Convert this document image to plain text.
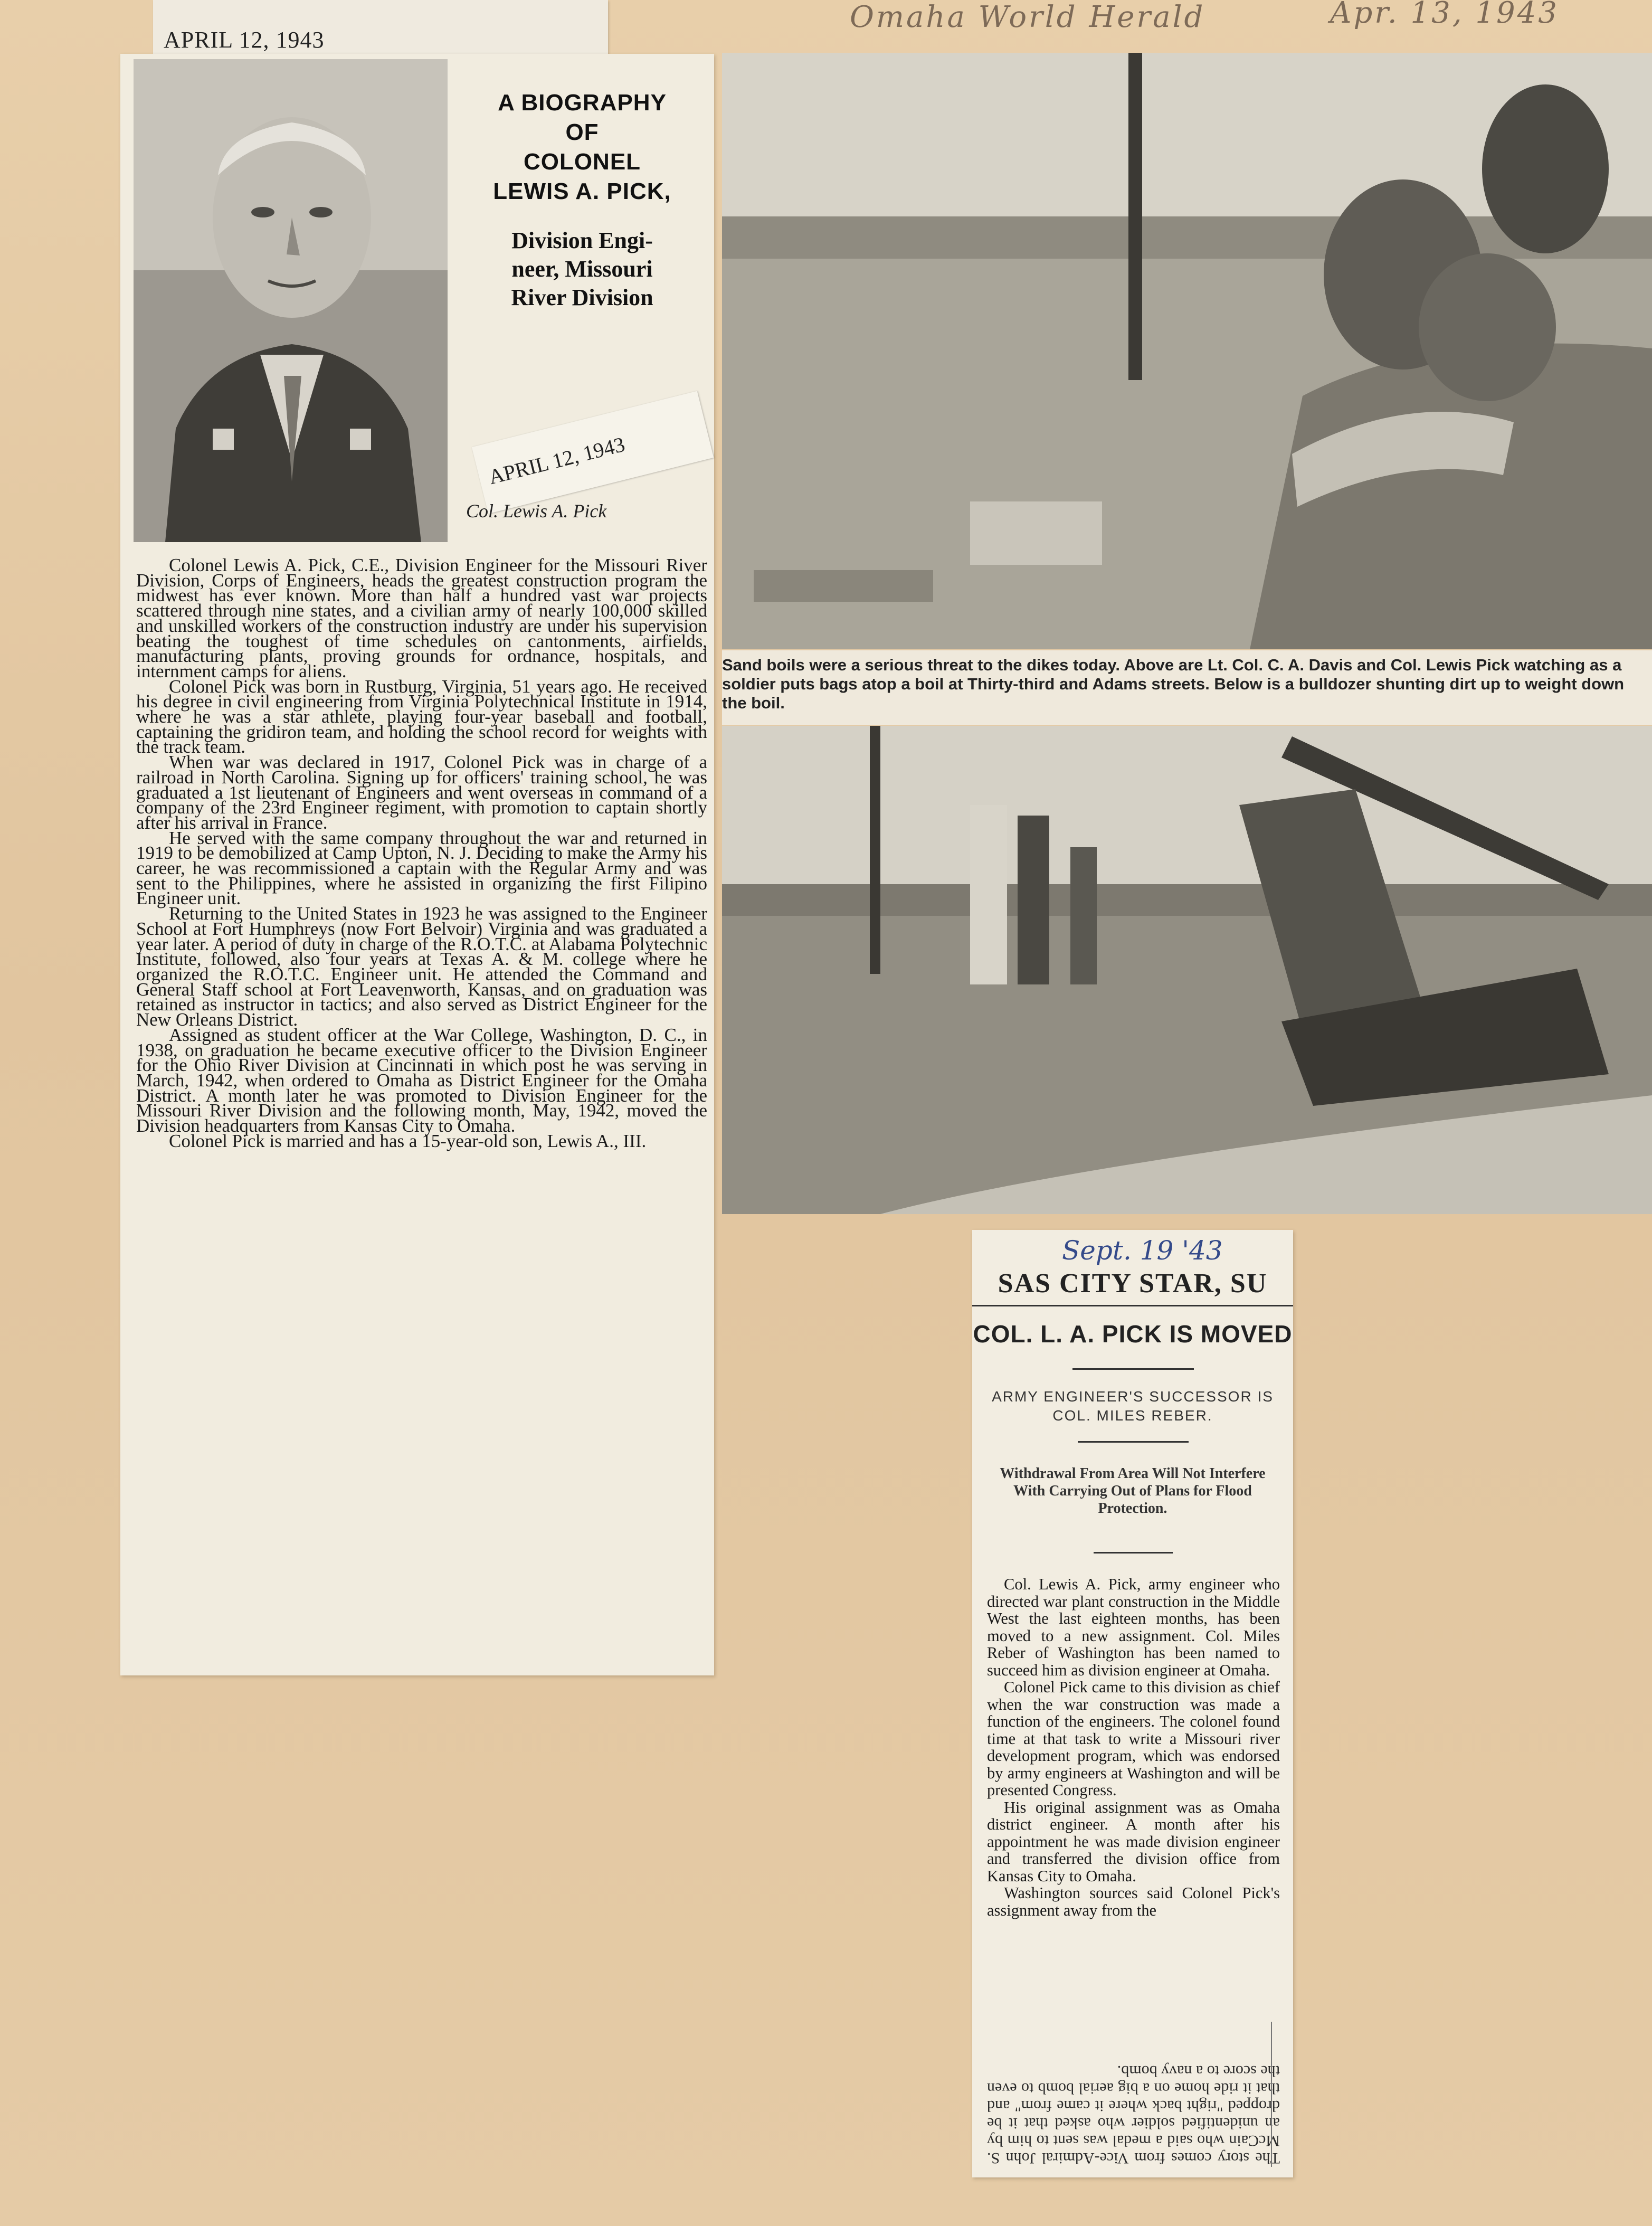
Omaha World Herald	Apr. 13, 1943
APRIL 12, 1943
A BIOGRAPHY
OF
COLONEL
LEWIS A. PICK,
Division Engi-
neer, Missouri
River Division
APRIL 12, 1943
Col. Lewis A. Pick

Colonel Lewis A. Pick, C.E., Division Engineer for the Missouri River Division, Corps of Engineers, heads the greatest construction program the midwest has ever known. More than half a hundred vast war projects scattered through nine states, and a civilian army of nearly 100,000 skilled and unskilled workers of the construction industry are under his supervision beating the toughest of time schedules on cantonments, airfields, manufacturing plants, proving grounds for ordnance, hospitals, and internment camps for aliens.

Colonel Pick was born in Rustburg, Virginia, 51 years ago. He received his degree in civil engineering from Virginia Polytechnical Institute in 1914, where he was a star athlete, playing four-year baseball and football, captaining the gridiron team, and holding the school record for weights with the track team.

When war was declared in 1917, Colonel Pick was in charge of a railroad in North Carolina. Signing up for officers' training school, he was graduated a 1st lieutenant of Engineers and went overseas in command of a company of the 23rd Engineer regiment, with promotion to captain shortly after his arrival in France.

He served with the same company throughout the war and returned in 1919 to be demobilized at Camp Upton, N. J. Deciding to make the Army his career, he was recommissioned a captain with the Regular Army and was sent to the Philippines, where he assisted in organizing the first Filipino Engineer unit.

Returning to the United States in 1923 he was assigned to the Engineer School at Fort Humphreys (now Fort Belvoir) Virginia and was graduated a year later. A period of duty in charge of the R.O.T.C. at Alabama Polytechnic Institute, followed, also four years at Texas A. & M. college where he organized the R.O.T.C. Engineer unit. He attended the Command and General Staff school at Fort Leavenworth, Kansas, and on graduation was retained as instructor in tactics; and also served as District Engineer for the New Orleans District.

Assigned as student officer at the War College, Washington, D. C., in 1938, on graduation he became executive officer to the Division Engineer for the Ohio River Division at Cincinnati in which post he was serving in March, 1942, when ordered to Omaha as District Engineer for the Omaha District. A month later he was promoted to Division Engineer for the Missouri River Division and the following month, May, 1942, moved the Division headquarters from Kansas City to Omaha.

Colonel Pick is married and has a 15-year-old son, Lewis A., III.

Sand boils were a serious threat to the dikes today. Above are Lt. Col. C. A. Davis and Col. Lewis Pick watching as a soldier puts bags atop a boil at Thirty-third and Adams streets. Below is a bulldozer shunting dirt up to weight down the boil.
Sept. 19 '43
SAS CITY STAR, SU
COL. L. A. PICK IS MOVED
ARMY ENGINEER'S SUCCESSOR IS COL. MILES REBER.
Withdrawal From Area Will Not Interfere With Carrying Out of Plans for Flood Protection.

Col. Lewis A. Pick, army engineer who directed war plant construction in the Middle West the last eighteen months, has been moved to a new assignment. Col. Miles Reber of Washington has been named to succeed him as division engineer at Omaha.

Colonel Pick came to this division as chief when the war construction was made a function of the engineers. The colonel found time at that task to write a Missouri river development program, which was endorsed by army engineers at Washington and will be presented Congress.

His original assignment was as Omaha district engineer. A month after his appointment he was made division engineer and transferred the division office from Kansas City to Omaha.

Washington sources said Colonel Pick's assignment away from the

The story comes from Vice-Admiral John S. McCain who said a medal was sent to him by an unidentified soldier who asked that it be dropped "right back where it came from" and that it ride home on a big aerial bomb to even the score to a navy bomb.
